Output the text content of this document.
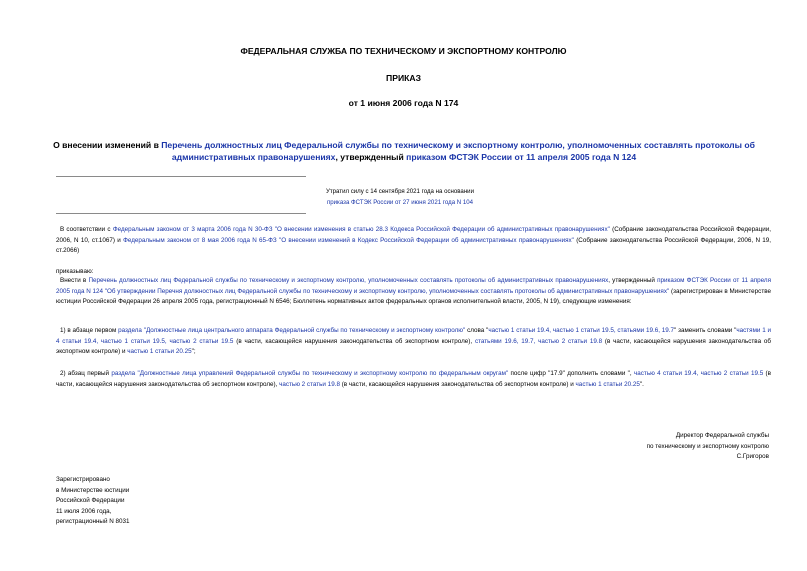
ФЕДЕРАЛЬНАЯ СЛУЖБА ПО ТЕХНИЧЕСКОМУ И ЭКСПОРТНОМУ КОНТРОЛЮ
ПРИКАЗ
от 1 июня 2006 года N 174
О внесении изменений в Перечень должностных лиц Федеральной службы по техническому и экспортному контролю, уполномоченных составлять протоколы об административных правонарушениях, утвержденный приказом ФСТЭК России от 11 апреля 2005 года N 124
Утратил силу с 14 сентября 2021 года на основании
приказа ФСТЭК России от 27 июня 2021 года N 104
В соответствии с Федеральным законом от 3 марта 2006 года N 30-ФЗ "О внесении изменения в статью 28.3 Кодекса Российской Федерации об административных правонарушениях" (Собрание законодательства Российской Федерации, 2006, N 10, ст.1067) и Федеральным законом от 8 мая 2006 года N 65-ФЗ "О внесении изменений в Кодекс Российской Федерации об административных правонарушениях" (Собрание законодательства Российской Федерации, 2006, N 19, ст.2066)
приказываю:
Внести в Перечень должностных лиц Федеральной службы по техническому и экспортному контролю, уполномоченных составлять протоколы об административных правонарушениях, утвержденный приказом ФСТЭК России от 11 апреля 2005 года N 124 "Об утверждении Перечня должностных лиц Федеральной службы по техническому и экспортному контролю, уполномоченных составлять протоколы об административных правонарушениях" (зарегистрирован в Министерстве юстиции Российской Федерации 26 апреля 2005 года, регистрационный N 6546; Бюллетень нормативных актов федеральных органов исполнительной власти, 2005, N 19), следующие изменения:
1) в абзаце первом раздела "Должностные лица центрального аппарата Федеральной службы по техническому и экспортному контролю" слова "частью 1 статьи 19.4, частью 1 статьи 19.5, статьями 19.6, 19.7" заменить словами "частями 1 и 4 статьи 19.4, частью 1 статьи 19.5, частью 2 статьи 19.5 (в части, касающейся нарушения законодательства об экспортном контроле), статьями 19.6, 19.7, частью 2 статьи 19.8 (в части, касающейся нарушения законодательства об экспортном контроле) и частью 1 статьи 20.25";
2) абзац первый раздела "Должностные лица управлений Федеральной службы по техническому и экспортному контролю по федеральным округам" после цифр "17.9" дополнить словами ", частью 4 статьи 19.4, частью 2 статьи 19.5 (в части, касающейся нарушения законодательства об экспортном контроле), частью 2 статьи 19.8 (в части, касающейся нарушения законодательства об экспортном контроле) и частью 1 статьи 20.25".
Директор Федеральной службы
по техническому и экспортному контролю
С.Григоров
Зарегистрировано
в Министерстве юстиции
Российской Федерации
11 июля 2006 года,
регистрационный N 8031
